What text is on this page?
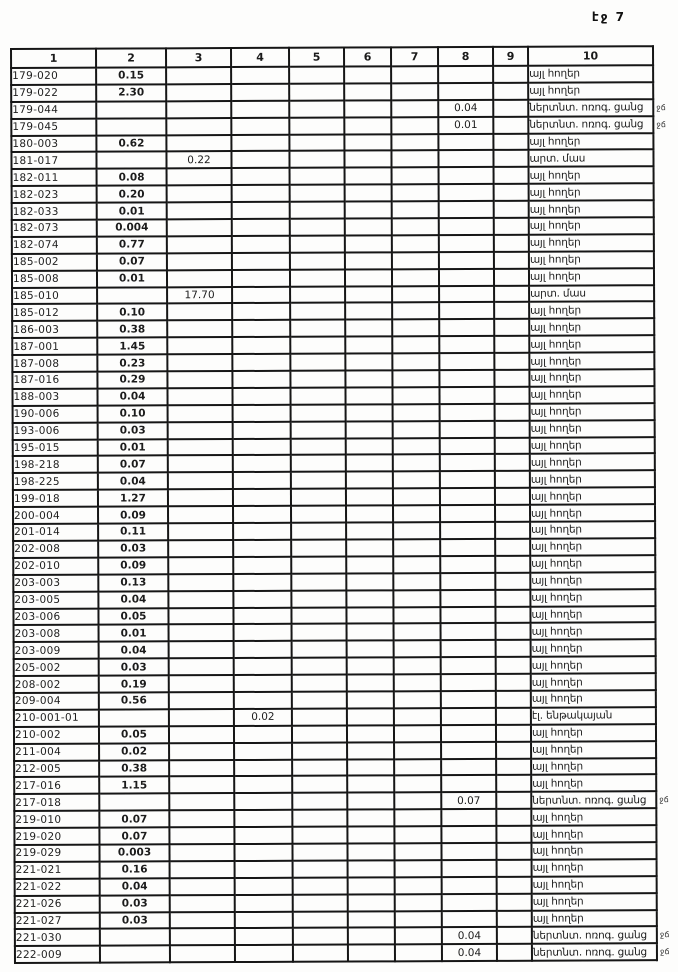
էջ 7
1	2	3	4	5	6	7	8	9	10
179-020	0.15								այլ հողեր
179-022	2.30								այլ հողեր
179-044							0.04		ներտնտ. ոռոգ. ցանց ջճ

179-045							0.01		ներտնտ. ոռոգ. ցանց ջճ

180-003	0.62								այլ հողեր
181-017		0.22							արտ. մաս
182-011	0.08								այլ հողեր
182-023	0.20								այլ հողեր
182-033	0.01								այլ հողեր
182-073	0.004								այլ հողեր
182-074	0.77								այլ հողեր
185-002	0.07								այլ հողեր
185-008	0.01								այլ հողեր
185-010		17.70							արտ. մաս
185-012	0.10								այլ հողեր
186-003	0.38								այլ հողեր
187-001	1.45								այլ հողեր
187-008	0.23								այլ հողեր
187-016	0.29								այլ հողեր
188-003	0.04								այլ հողեր
190-006	0.10								այլ հողեր
193-006	0.03								այլ հողեր
195-015	0.01								այլ հողեր
198-218	0.07								այլ հողեր
198-225	0.04								այլ հողեր
199-018	1.27								այլ հողեր
200-004	0.09								այլ հողեր
201-014	0.11								այլ հողեր
202-008	0.03								այլ հողեր
202-010	0.09								այլ հողեր
203-003	0.13								այլ հողեր
203-005	0.04								այլ հողեր
203-006	0.05								այլ հողեր
203-008	0.01								այլ հողեր
203-009	0.04								այլ հողեր
205-002	0.03								այլ հողեր
208-002	0.19								այլ հողեր
209-004	0.56								այլ հողեր
210-001-01			0.02						էլ. ենթակայան
210-002	0.05								այլ հողեր
211-004	0.02								այլ հողեր
212-005	0.38								այլ հողեր
217-016	1.15								այլ հողեր
217-018							0.07		ներտնտ. ոռոգ. ցանց ջճ

219-010	0.07								այլ հողեր
219-020	0.07								այլ հողեր
219-029	0.003								այլ հողեր
221-021	0.16								այլ հողեր
221-022	0.04								այլ հողեր
221-026	0.03								այլ հողեր
221-027	0.03								այլ հողեր
221-030							0.04		ներտնտ. ոռոգ. ցանց ջճ

222-009							0.04		ներտնտ. ոռոգ. ցանց ջճ
